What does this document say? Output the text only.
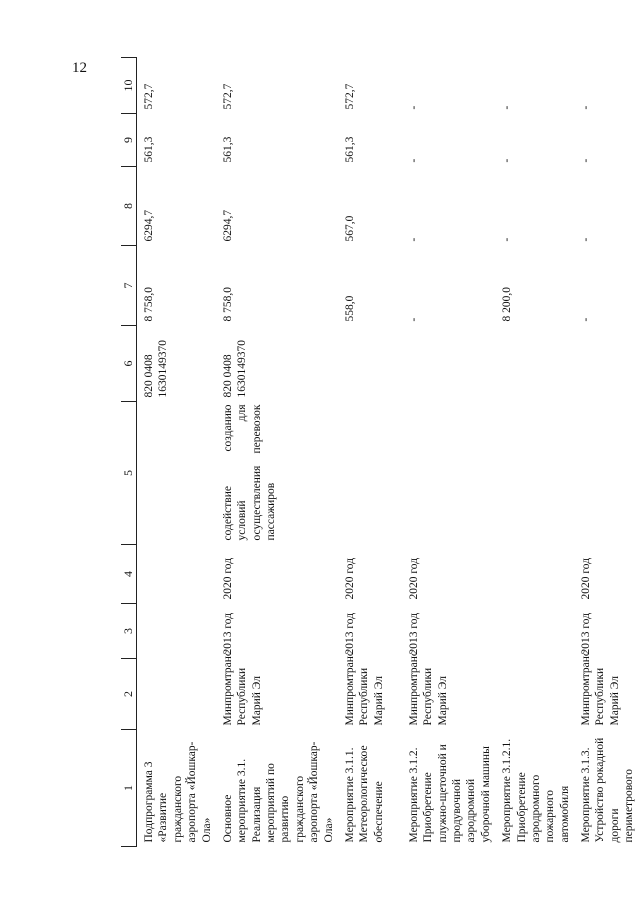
12
1	2	3	4	5	6	7	8	9	10
Подпрограмма 3 «Развитие гражданского аэропорта «Йошкар-Ола»					820 0408 1630149370	8 758,0	6294,7	561,3	572,7
Основное мероприятие 3.1. Реализация мероприятий по развитию гражданского аэропорта «Йошкар-Ола»	Минпромтранс Республики Марий Эл	2013 год	2020 год	содействие созданию условий для осуществления перевозок пассажиров	820 0408 1630149370	8 758,0	6294,7	561,3	572,7
Мероприятие 3.1.1. Метеорологическое обеспечение	Минпромтранс Республики Марий Эл	2013 год	2020 год			558,0	567,0	561,3	572,7
Мероприятие 3.1.2. Приобретение плужно-щеточной и продувочной аэродромной уборочной машины	Минпромтранс Республики Марий Эл	2013 год	2020 год			-	-	-	-
Мероприятие 3.1.2.1. Приобретение аэродромного пожарного автомобиля						8 200,0	-	-	-
Мероприятие 3.1.3. Устройство рокадной дороги периметрового	Минпромтранс Республики Марий Эл	2013 год	2020 год			-	-	-	-
